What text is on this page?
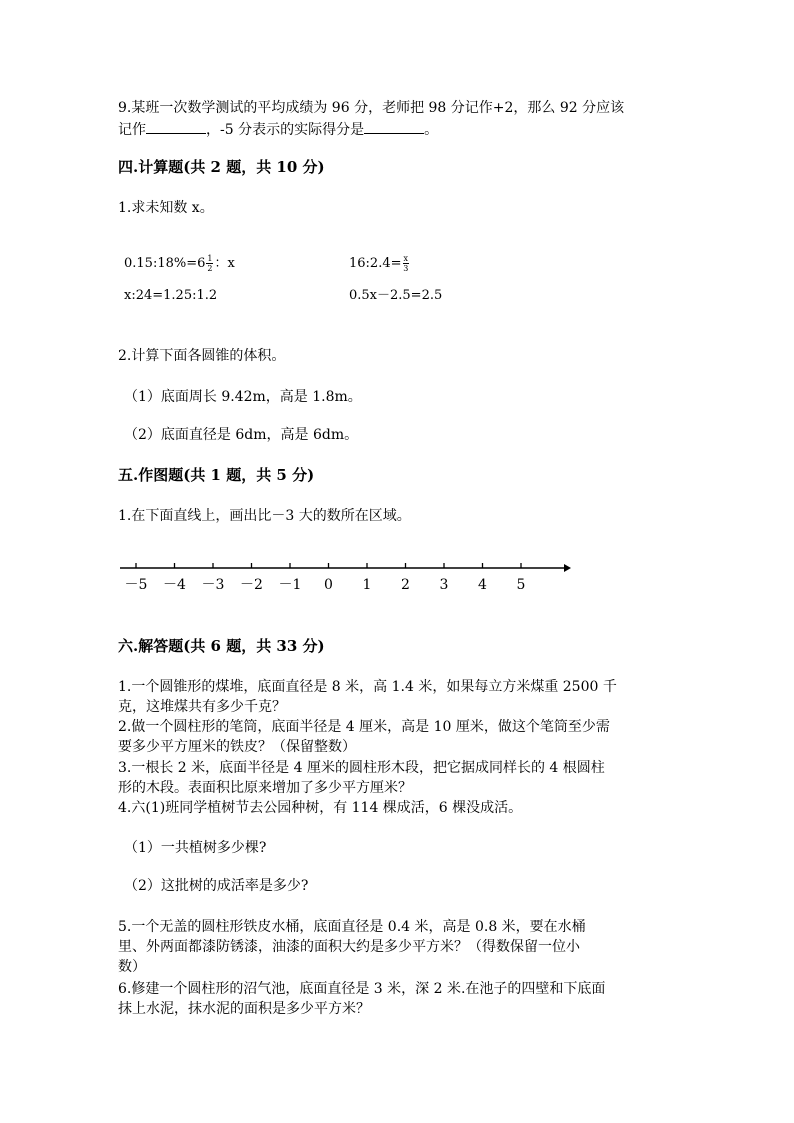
9.某班一次数学测试的平均成绩为 96 分，老师把 98 分记作+2，那么 92 分应该
记作	，-5 分表示的实际得分是	。
四.计算题(共 2 题，共 10 分)
1.求未知数 x。
0.15:18%=6 $\frac{1}{2}$ ：x	16:2.4= $\frac{x}{3}$
x:24=1.25:1.2	0.5x－2.5=2.5
2.计算下面各圆锥的体积。
（1）底面周长 9.42m，高是 1.8m。
（2）底面直径是 6dm，高是 6dm。
五.作图题(共 1 题，共 5 分)
1.在下面直线上，画出比－3 大的数所在区域。
－5 －4 －3 －2 －1 0 1 2 3 4 5
六.解答题(共 6 题，共 33 分)
1.一个圆锥形的煤堆，底面直径是 8 米，高 1.4 米，如果每立方米煤重 2500 千
克，这堆煤共有多少千克？
2.做一个圆柱形的笔筒，底面半径是 4 厘米，高是 10 厘米，做这个笔筒至少需
要多少平方厘米的铁皮？（保留整数）
3.一根长 2 米，底面半径是 4 厘米的圆柱形木段，把它据成同样长的 4 根圆柱
形的木段。表面积比原来增加了多少平方厘米？
4.六(1)班同学植树节去公园种树，有 114 棵成活，6 棵没成活。
（1）一共植树多少棵?
（2）这批树的成活率是多少?
5.一个无盖的圆柱形铁皮水桶，底面直径是 0.4 米，高是 0.8 米，要在水桶
里、外两面都漆防锈漆，油漆的面积大约是多少平方米？（得数保留一位小
数）
6.修建一个圆柱形的沼气池，底面直径是 3 米，深 2 米.在池子的四壁和下底面
抹上水泥，抹水泥的面积是多少平方米？
